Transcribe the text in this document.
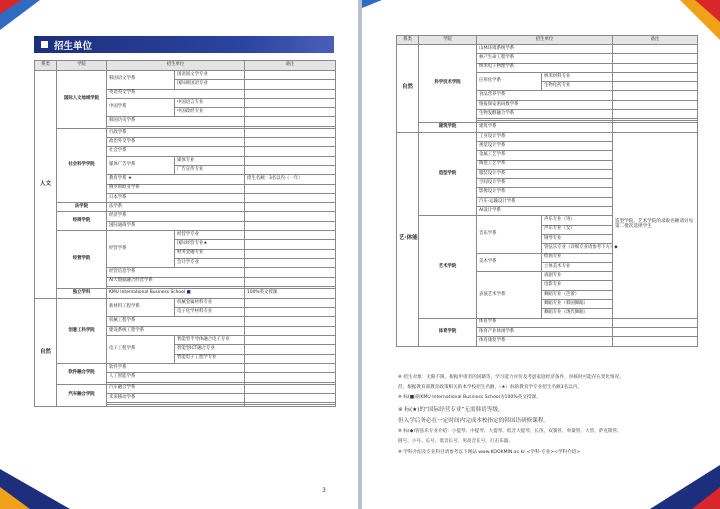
招生单位
系类	学院	招生单位		备注
人文	国际人文地域学院	韩国语文学系	国语国文学专业	
			国际韩国语专业	
		英语英文学系		
		中国学系	中国语言专业	
			中国政经专业	
		韩国历史学系		

	社会科学学院	行政学系		
		政治外交学系		
		社会学系		
		媒体广告学系	媒体专业	
			广告宣传专业	
		教育学系 ★		招生名额：3名以内（一年）
		俄罗斯欧亚学系		
		日本学系		
	法学院	法学系		
	经商学院	经济学系		
		国际通商学系		
	经营学院	经营学系	经营学专业	
			国际经营专业★	
			财务金融专业	
			会计学专业	
		经营信息学系		
		AI大数据融合经营学系		

	独立学科	KMU International Business School ■		100%英文授课
自然	创意工科学院	新材料工程学系	机械金属材料专业	
			电子化学材料专业	
		机械工程学系		
		建设系统工程学系		
		电子工程学系	智能型半导体融合电子专业	
			智能型ICT融合专业	
			智能电子工程学专业	
	软件融合学院	软件学系		
		人工智能学系		

	汽车融合学院	汽车融合学系		
		未来移动学系		

3
系类	学院	招生单位		备注	
自然	科学技术学院	山林环境系统学系			
		林产生命工程学系			
		纳米电子物理学系			
		应用化学系	纳米材料专业		
			生物化药专业		
		食品营养学系			
		情报保安密码数学系			
		生物发酵融合学系			

	建筑学院	建筑学系			
艺·体能	造型学院	工业设计学系		造型学院、艺术学院的录取名额请另见第二批次选择学生	
		视觉设计学系			
		金属工艺学系			
		陶瓷工艺学系			
		服装设计学系			
		空间设计学系			
		影像设计学系			
		汽车·运输设计学系			
		AI设计学系			
	艺术学院	音乐学系	声乐专业（男）		
			声乐专业（女）		
			钢琴专业		
			管弦乐专业（详细专业请参考下方）◆		
		美术学系	绘画专业		
			立体美术专业		
		表演艺术学系	戏剧专业		
			电影专业		
			舞蹈专业（芭蕾）		
			舞蹈专业（韩国舞蹈）		
			舞蹈专业（现代舞蹈）		
	体育学院	体育学系			
		体育产业休闲学系			
		体育康复学系			
4
※ 招生对象：无限不限，根据申请者的国籍等，学习能力评价及考虑家庭经济条件，审核时可能存在变化情况。
但，根据教育部教育政策相关的本学校招生名额，（★）标的教育学专业招生名额3名以内。
※ 标(■)的KMU International Business School为100%英文授课。
※ 标(★)的“国际经营专业”无需韩语等级。
但入学后务必在一定时间内完成本校指定的韩国语研修课程。
※ 标(◆)管弦乐专业介绍：小提琴、中提琴、大提琴、低音大提琴、长笛、双簧管、单簧管、大管、萨克斯管、
圆号、小号、长号、低音长号、男高音长号、打击乐器。
※ 学科介绍及专业科目请参考以下网站 www.KOOKMIN.ac.kr <学科·专业><学科介绍>
